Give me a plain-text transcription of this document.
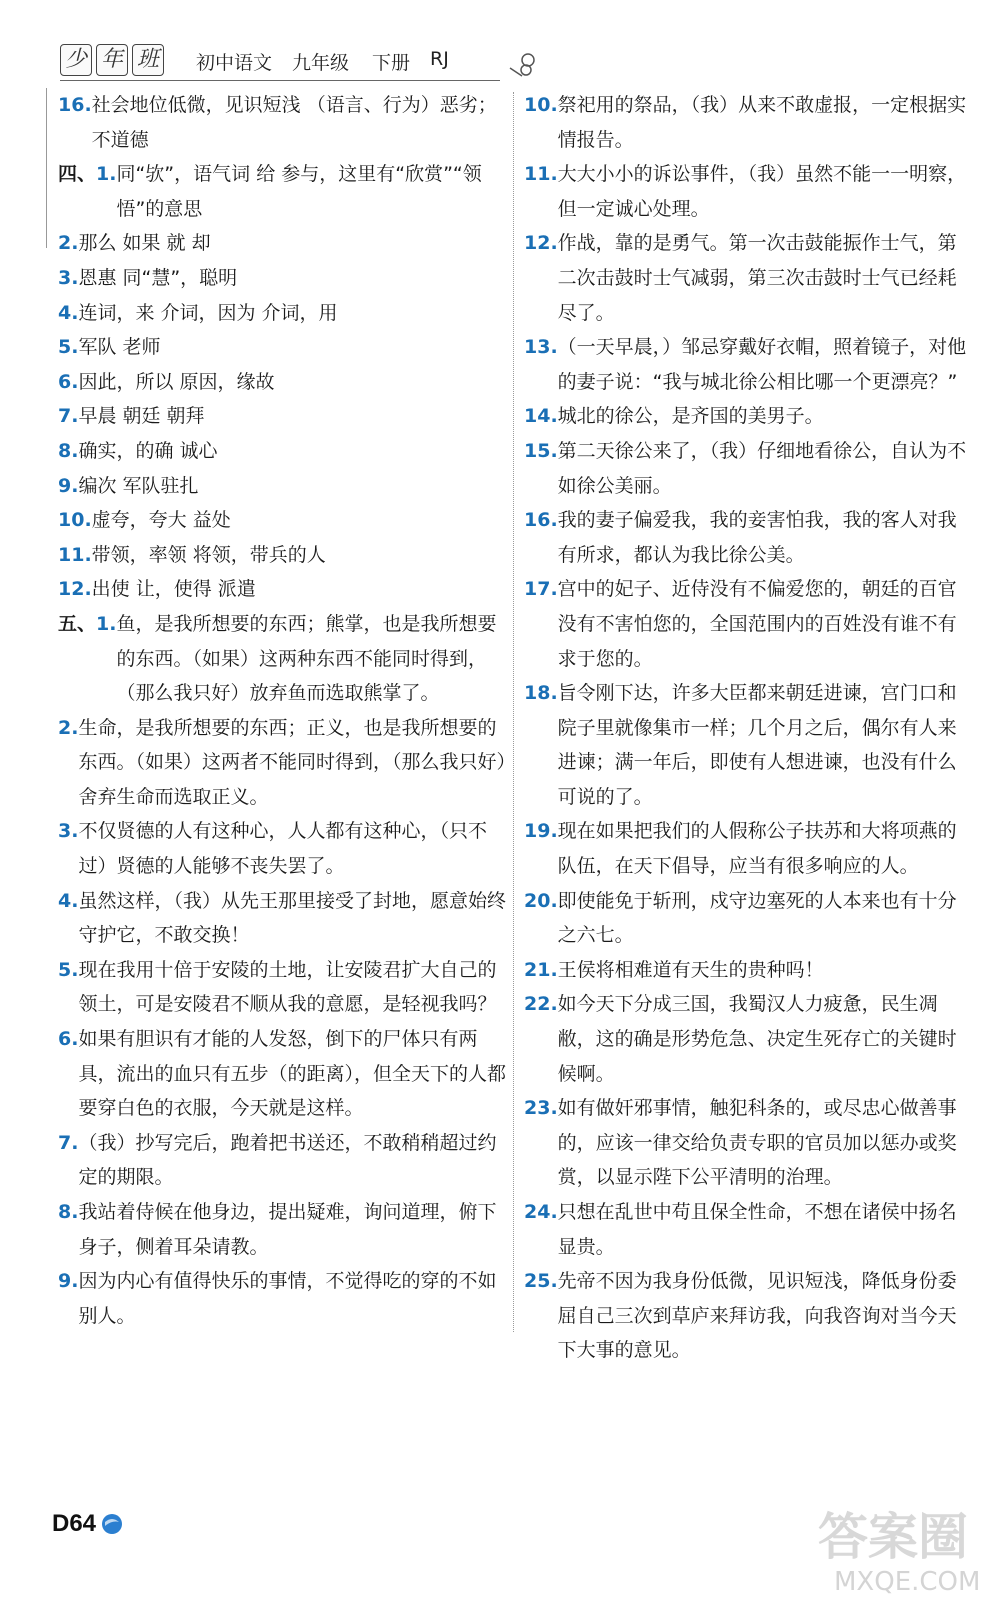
少 年 班 初中语文 九年级 下册 RJ
16. 社会地位低微，见识短浅 （语言、行为）恶劣；不道德
四、1. 同“欤”，语气词 给 参与，这里有“欣赏”“领悟”的意思
2. 那么 如果 就 却
3. 恩惠 同“慧”，聪明
4. 连词，来 介词，因为 介词，用
5. 军队 老师
6. 因此，所以 原因，缘故
7. 早晨 朝廷 朝拜
8. 确实，的确 诚心
9. 编次 军队驻扎
10. 虚夸，夸大 益处
11. 带领，率领 将领，带兵的人
12. 出使 让，使得 派遣
五、1. 鱼，是我所想要的东西；熊掌，也是我所想要的东西。（如果）这两种东西不能同时得到，（那么我只好）放弃鱼而选取熊掌了。
2. 生命，是我所想要的东西；正义，也是我所想要的东西。（如果）这两者不能同时得到，（那么我只好）舍弃生命而选取正义。
3. 不仅贤德的人有这种心，人人都有这种心，（只不过）贤德的人能够不丧失罢了。
4. 虽然这样，（我）从先王那里接受了封地，愿意始终守护它，不敢交换！
5. 现在我用十倍于安陵的土地，让安陵君扩大自己的领土，可是安陵君不顺从我的意愿，是轻视我吗？
6. 如果有胆识有才能的人发怒，倒下的尸体只有两具，流出的血只有五步（的距离），但全天下的人都要穿白色的衣服，今天就是这样。
7. （我）抄写完后，跑着把书送还，不敢稍稍超过约定的期限。
8. 我站着侍候在他身边，提出疑难，询问道理，俯下身子，侧着耳朵请教。
9. 因为内心有值得快乐的事情，不觉得吃的穿的不如别人。
10. 祭祀用的祭品，（我）从来不敢虚报，一定根据实情报告。
11. 大大小小的诉讼事件，（我）虽然不能一一明察，但一定诚心处理。
12. 作战，靠的是勇气。第一次击鼓能振作士气，第二次击鼓时士气减弱，第三次击鼓时士气已经耗尽了。
13. （一天早晨，）邹忌穿戴好衣帽，照着镜子，对他的妻子说：“我与城北徐公相比哪一个更漂亮？”
14. 城北的徐公，是齐国的美男子。
15. 第二天徐公来了，（我）仔细地看徐公，自认为不如徐公美丽。
16. 我的妻子偏爱我，我的妾害怕我，我的客人对我有所求，都认为我比徐公美。
17. 宫中的妃子、近侍没有不偏爱您的，朝廷的百官没有不害怕您的，全国范围内的百姓没有谁不有求于您的。
18. 旨令刚下达，许多大臣都来朝廷进谏，宫门口和院子里就像集市一样；几个月之后，偶尔有人来进谏；满一年后，即使有人想进谏，也没有什么可说的了。
19. 现在如果把我们的人假称公子扶苏和大将项燕的队伍，在天下倡导，应当有很多响应的人。
20. 即使能免于斩刑，戍守边塞死的人本来也有十分之六七。
21. 王侯将相难道有天生的贵种吗！
22. 如今天下分成三国，我蜀汉人力疲惫，民生凋敝，这的确是形势危急、决定生死存亡的关键时候啊。
23. 如有做奸邪事情，触犯科条的，或尽忠心做善事的，应该一律交给负责专职的官员加以惩办或奖赏，以显示陛下公平清明的治理。
24. 只想在乱世中苟且保全性命，不想在诸侯中扬名显贵。
25. 先帝不因为我身份低微，见识短浅，降低身份委屈自己三次到草庐来拜访我，向我咨询对当今天下大事的意见。
D64	答案圈
MXQE.COM
